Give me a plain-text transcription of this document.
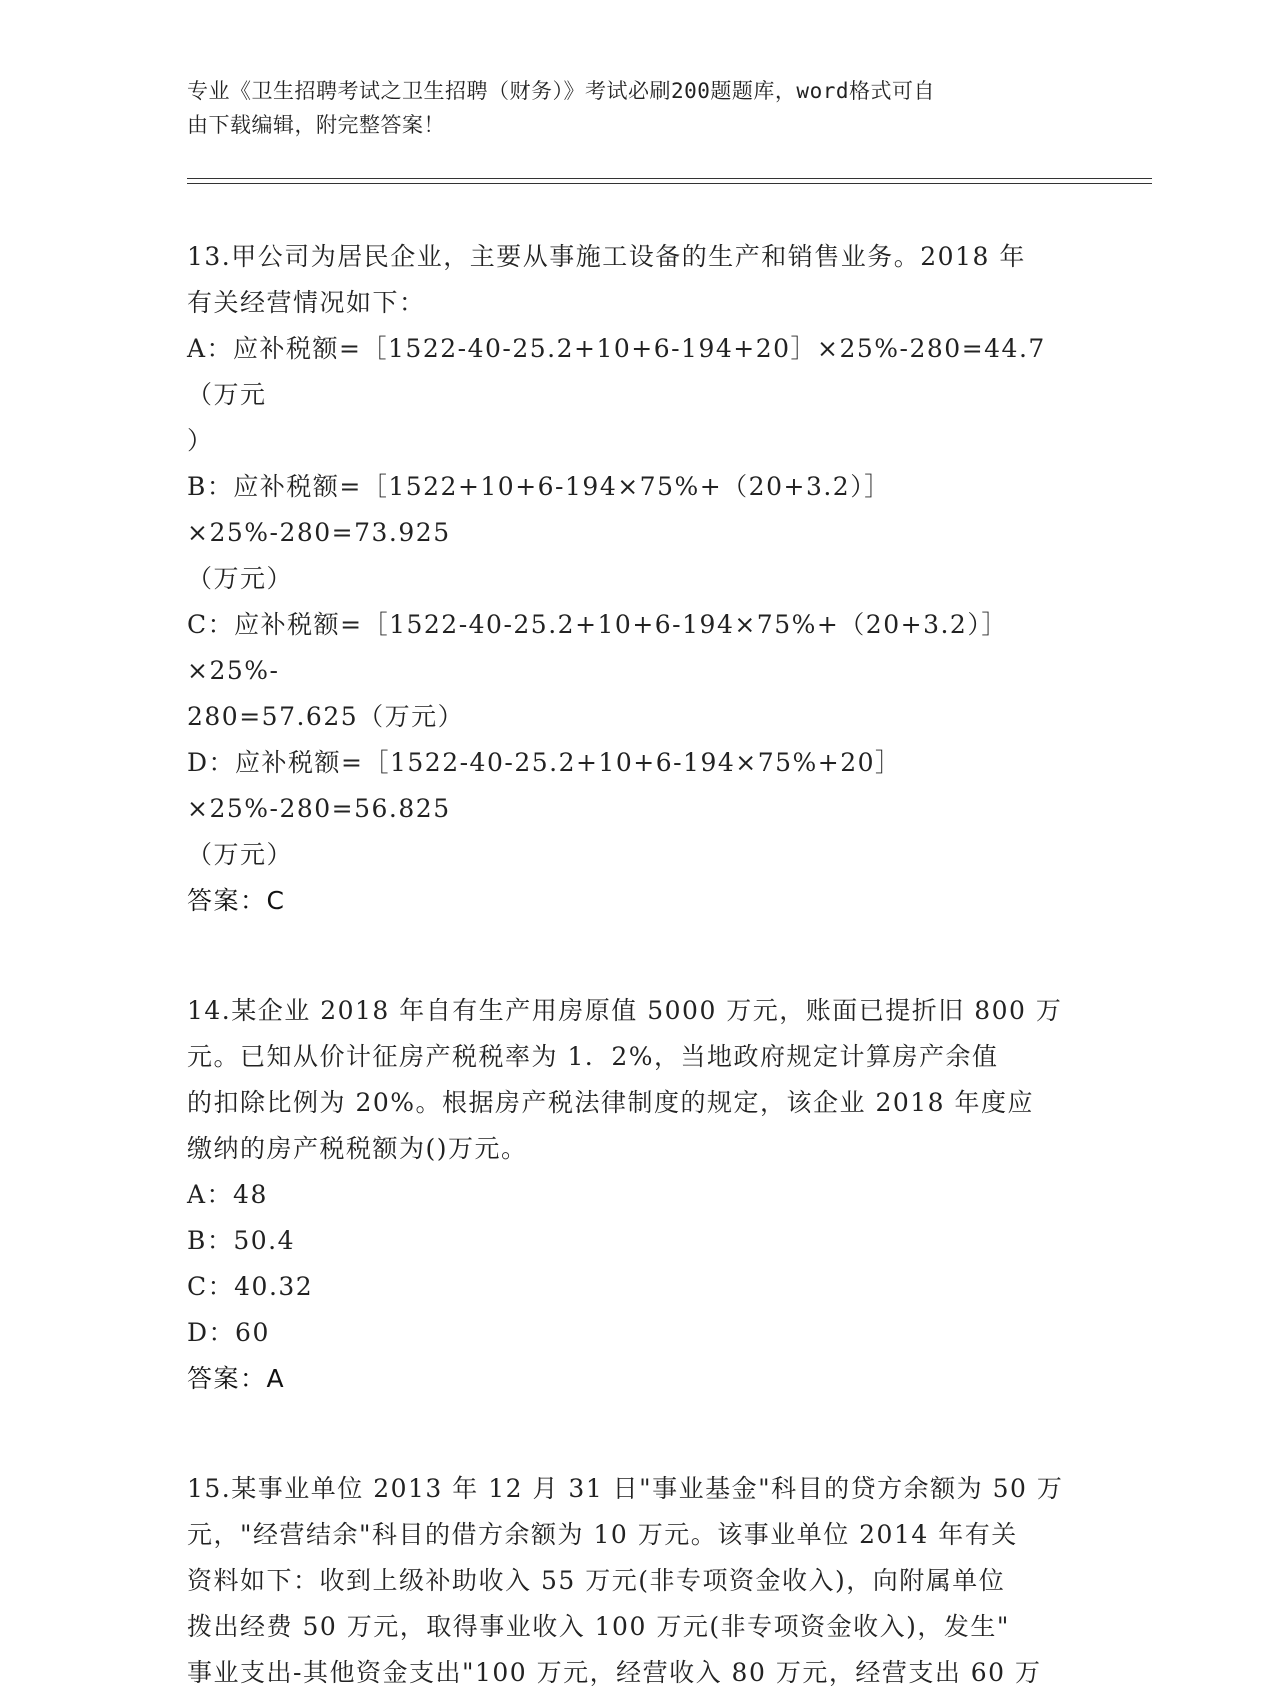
专业《卫生招聘考试之卫生招聘（财务）》考试必刷200题题库，word格式可自
由下载编辑，附完整答案！

13.甲公司为居民企业，主要从事施工设备的生产和销售业务。2018 年
有关经营情况如下：

A：应补税额=［1522-40-25.2+10+6-194+20］×25%-280=44.7（万元
）

B：应补税额=［1522+10+6-194×75%+（20+3.2）］×25%-280=73.925
（万元）

C：应补税额=［1522-40-25.2+10+6-194×75%+（20+3.2）］×25%-
280=57.625（万元）

D：应补税额=［1522-40-25.2+10+6-194×75%+20］×25%-280=56.825
（万元）

答案：C

14.某企业 2018 年自有生产用房原值 5000 万元，账面已提折旧 800 万
元。已知从价计征房产税税率为 1．2%，当地政府规定计算房产余值
的扣除比例为 20%。根据房产税法律制度的规定，该企业 2018 年度应
缴纳的房产税税额为()万元。

A：48

B：50.4

C：40.32

D：60

答案：A

15.某事业单位 2013 年 12 月 31 日"事业基金"科目的贷方余额为 50 万
元，"经营结余"科目的借方余额为 10 万元。该事业单位 2014 年有关
资料如下：收到上级补助收入 55 万元(非专项资金收入)，向附属单位
拨出经费 50 万元，取得事业收入 100 万元(非专项资金收入)，发生"
事业支出-其他资金支出"100 万元，经营收入 80 万元，经营支出 60 万
